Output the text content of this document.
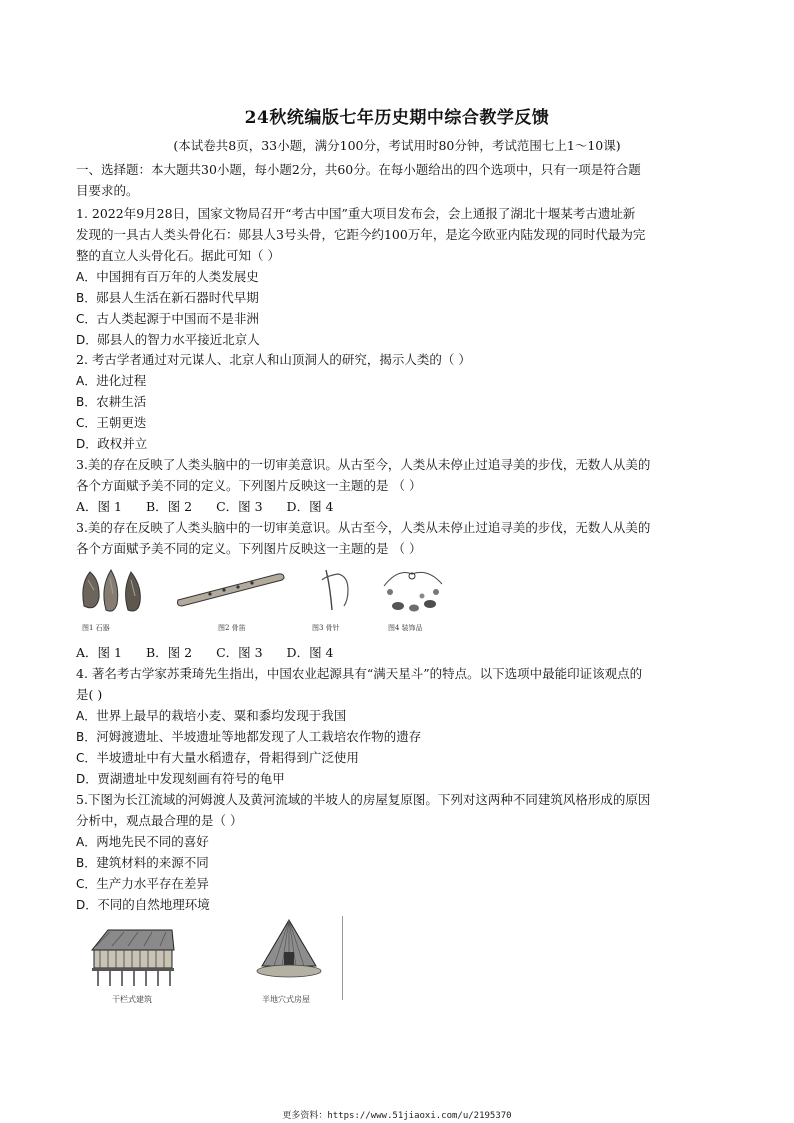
24秋统编版七年历史期中综合教学反馈
(本试卷共8页，33小题，满分100分，考试用时80分钟，考试范围七上1～10课)
一、选择题：本大题共30小题，每小题2分，共60分。在每小题给出的四个选项中，只有一项是符合题
目要求的。
1. 2022年9月28日，国家文物局召开“考古中国”重大项目发布会，会上通报了湖北十堰某考古遗址新
发现的一具古人类头骨化石：郧县人3号头骨，它距今约100万年，是迄今欧亚内陆发现的同时代最为完
整的直立人头骨化石。据此可知（ ）
A．中国拥有百万年的人类发展史
B．郧县人生活在新石器时代早期
C．古人类起源于中国而不是非洲
D．郧县人的智力水平接近北京人
2. 考古学者通过对元谋人、北京人和山顶洞人的研究，揭示人类的（ ）
A．进化过程
B．农耕生活
C．王朝更迭
D．政权并立
3.美的存在反映了人类头脑中的一切审美意识。从古至今，人类从未停止过追寻美的步伐，无数人从美的
各个方面赋予美不同的定义。下列图片反映这一主题的是 （ ）
A．图 1 B．图 2 C．图 3 D．图 4
3.美的存在反映了人类头脑中的一切审美意识。从古至今，人类从未停止过追寻美的步伐，无数人从美的
各个方面赋予美不同的定义。下列图片反映这一主题的是 （ ）
图1 石器	图2 骨笛	图3 骨针	图4 装饰品
A．图 1 B．图 2 C．图 3 D．图 4
4. 著名考古学家苏秉琦先生指出，中国农业起源具有“满天星斗”的特点。以下选项中最能印证该观点的
是( )
A．世界上最早的栽培小麦、粟和黍均发现于我国
B．河姆渡遗址、半坡遗址等地都发现了人工栽培农作物的遗存
C．半坡遗址中有大量水稻遗存，骨耜得到广泛使用
D．贾湖遗址中发现刻画有符号的龟甲
5.下图为长江流域的河姆渡人及黄河流域的半坡人的房屋复原图。下列对这两种不同建筑风格形成的原因
分析中，观点最合理的是（ ）
A．两地先民不同的喜好
B．建筑材料的来源不同
C．生产力水平存在差异
D．不同的自然地理环境
干栏式建筑	半地穴式房屋
更多资料：https://www.51jiaoxi.com/u/2195370
